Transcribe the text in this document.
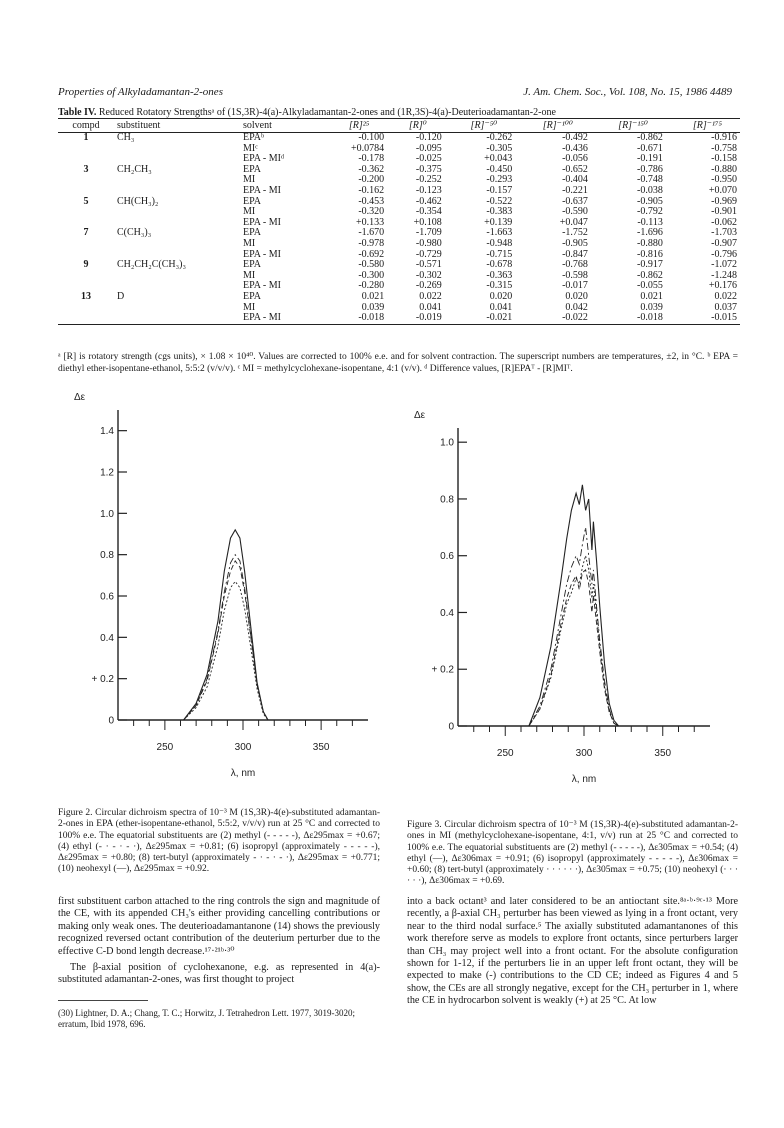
Properties of Alkyladamantan-2-ones	J. Am. Chem. Soc., Vol. 108, No. 15, 1986 4489
Table IV. Reduced Rotatory Strengthsᵃ of (1S,3R)-4(a)-Alkyladamantan-2-ones and (1R,3S)-4(a)-Deuterioadamantan-2-one
compd	substituent	solvent	[R]²⁵	[R]⁰	[R]⁻⁵⁰	[R]⁻¹⁰⁰	[R]⁻¹⁵⁰	[R]⁻¹⁷⁵
1	CH₃	EPAᵇ	-0.100	-0.120	-0.262	-0.492	-0.862	-0.916
		MIᶜ	+0.0784	-0.095	-0.305	-0.436	-0.671	-0.758
		EPA - MIᵈ	-0.178	-0.025	+0.043	-0.056	-0.191	-0.158
3	CH₂CH₃	EPA	-0.362	-0.375	-0.450	-0.652	-0.786	-0.880
		MI	-0.200	-0.252	-0.293	-0.404	-0.748	-0.950
		EPA - MI	-0.162	-0.123	-0.157	-0.221	-0.038	+0.070
5	CH(CH₃)₂	EPA	-0.453	-0.462	-0.522	-0.637	-0.905	-0.969
		MI	-0.320	-0.354	-0.383	-0.590	-0.792	-0.901
		EPA - MI	+0.133	+0.108	+0.139	+0.047	-0.113	-0.062
7	C(CH₃)₃	EPA	-1.670	-1.709	-1.663	-1.752	-1.696	-1.703
		MI	-0.978	-0.980	-0.948	-0.905	-0.880	-0.907
		EPA - MI	-0.692	-0.729	-0.715	-0.847	-0.816	-0.796
9	CH₂CH₂C(CH₃)₃	EPA	-0.580	-0.571	-0.678	-0.768	-0.917	-1.072
		MI	-0.300	-0.302	-0.363	-0.598	-0.862	-1.248
		EPA - MI	-0.280	-0.269	-0.315	-0.017	-0.055	+0.176
13	D	EPA	0.021	0.022	0.020	0.020	0.021	0.022
		MI	0.039	0.041	0.041	0.042	0.039	0.037
		EPA - MI	-0.018	-0.019	-0.021	-0.022	-0.018	-0.015
ᵃ [R] is rotatory strength (cgs units), × 1.08 × 10⁴⁰. Values are corrected to 100% e.e. and for solvent contraction. The superscript numbers are temperatures, ±2, in °C. ᵇ EPA = diethyl ether-isopentane-ethanol, 5:5:2 (v/v/v). ᶜ MI = methylcyclohexane-isopentane, 4:1 (v/v). ᵈ Difference values, [R]EPAᵀ - [R]MIᵀ.
Δε
0
+ 0.2
0.4
0.6
0.8
1.0
1.2
1.4
250	300	350
λ, nm
Δε
0
+ 0.2
0.4
0.6
0.8
1.0
250	300	350
λ, nm
Figure 2. Circular dichroism spectra of 10⁻³ M (1S,3R)-4(e)-substituted adamantan-2-ones in EPA (ether-isopentane-ethanol, 5:5:2, v/v/v) run at 25 °C and corrected to 100% e.e. The equatorial substituents are (2) methyl (- - - - -), Δε295max = +0.67; (4) ethyl (- · - · - ·), Δε295max = +0.81; (6) isopropyl (approximately - - - - -), Δε295max = +0.80; (8) tert-butyl (approximately - · - · - ·), Δε295max = +0.771; (10) neohexyl (—), Δε295max = +0.92.
Figure 3. Circular dichroism spectra of 10⁻³ M (1S,3R)-4(e)-substituted adamantan-2-ones in MI (methylcyclohexane-isopentane, 4:1, v/v) run at 25 °C and corrected to 100% e.e. The equatorial substituents are (2) methyl (- - - - -), Δε305max = +0.54; (4) ethyl (—), Δε306max = +0.91; (6) isopropyl (approximately - - - - -), Δε306max = +0.60; (8) tert-butyl (approximately · · · · · ·), Δε305max = +0.75; (10) neohexyl (· · · · · ·), Δε306max = +0.69.
first substituent carbon attached to the ring controls the sign and magnitude of the CE, with its appended CH₃'s either providing cancelling contributions or making only weak ones. The deuterioadamantanone (14) shows the previously recognized reversed octant contribution of the deuterium perturber due to the effective C-D bond length decrease.¹⁷·²¹ᵇ·³⁰
The β-axial position of cyclohexanone, e.g. as represented in 4(a)-substituted adamantan-2-ones, was first thought to project
(30) Lightner, D. A.; Chang, T. C.; Horwitz, J. Tetrahedron Lett. 1977, 3019-3020; erratum, Ibid 1978, 696.
into a back octant³ and later considered to be an antioctant site.⁸ᵃ·ᵇ·⁹ᶜ·¹³ More recently, a β-axial CH₃ perturber has been viewed as lying in a front octant, very near to the third nodal surface.⁵ The axially substituted adamantanones of this work therefore serve as models to explore front octants, since perturbers larger than CH₃ may project well into a front octant. For the absolute configuration shown for 1-12, if the perturbers lie in an upper left front octant, they will be expected to make (-) contributions to the CD CE; indeed as Figures 4 and 5 show, the CEs are all strongly negative, except for the CH₃ perturber in 1, where the CE in hydrocarbon solvent is weakly (+) at 25 °C. At low
